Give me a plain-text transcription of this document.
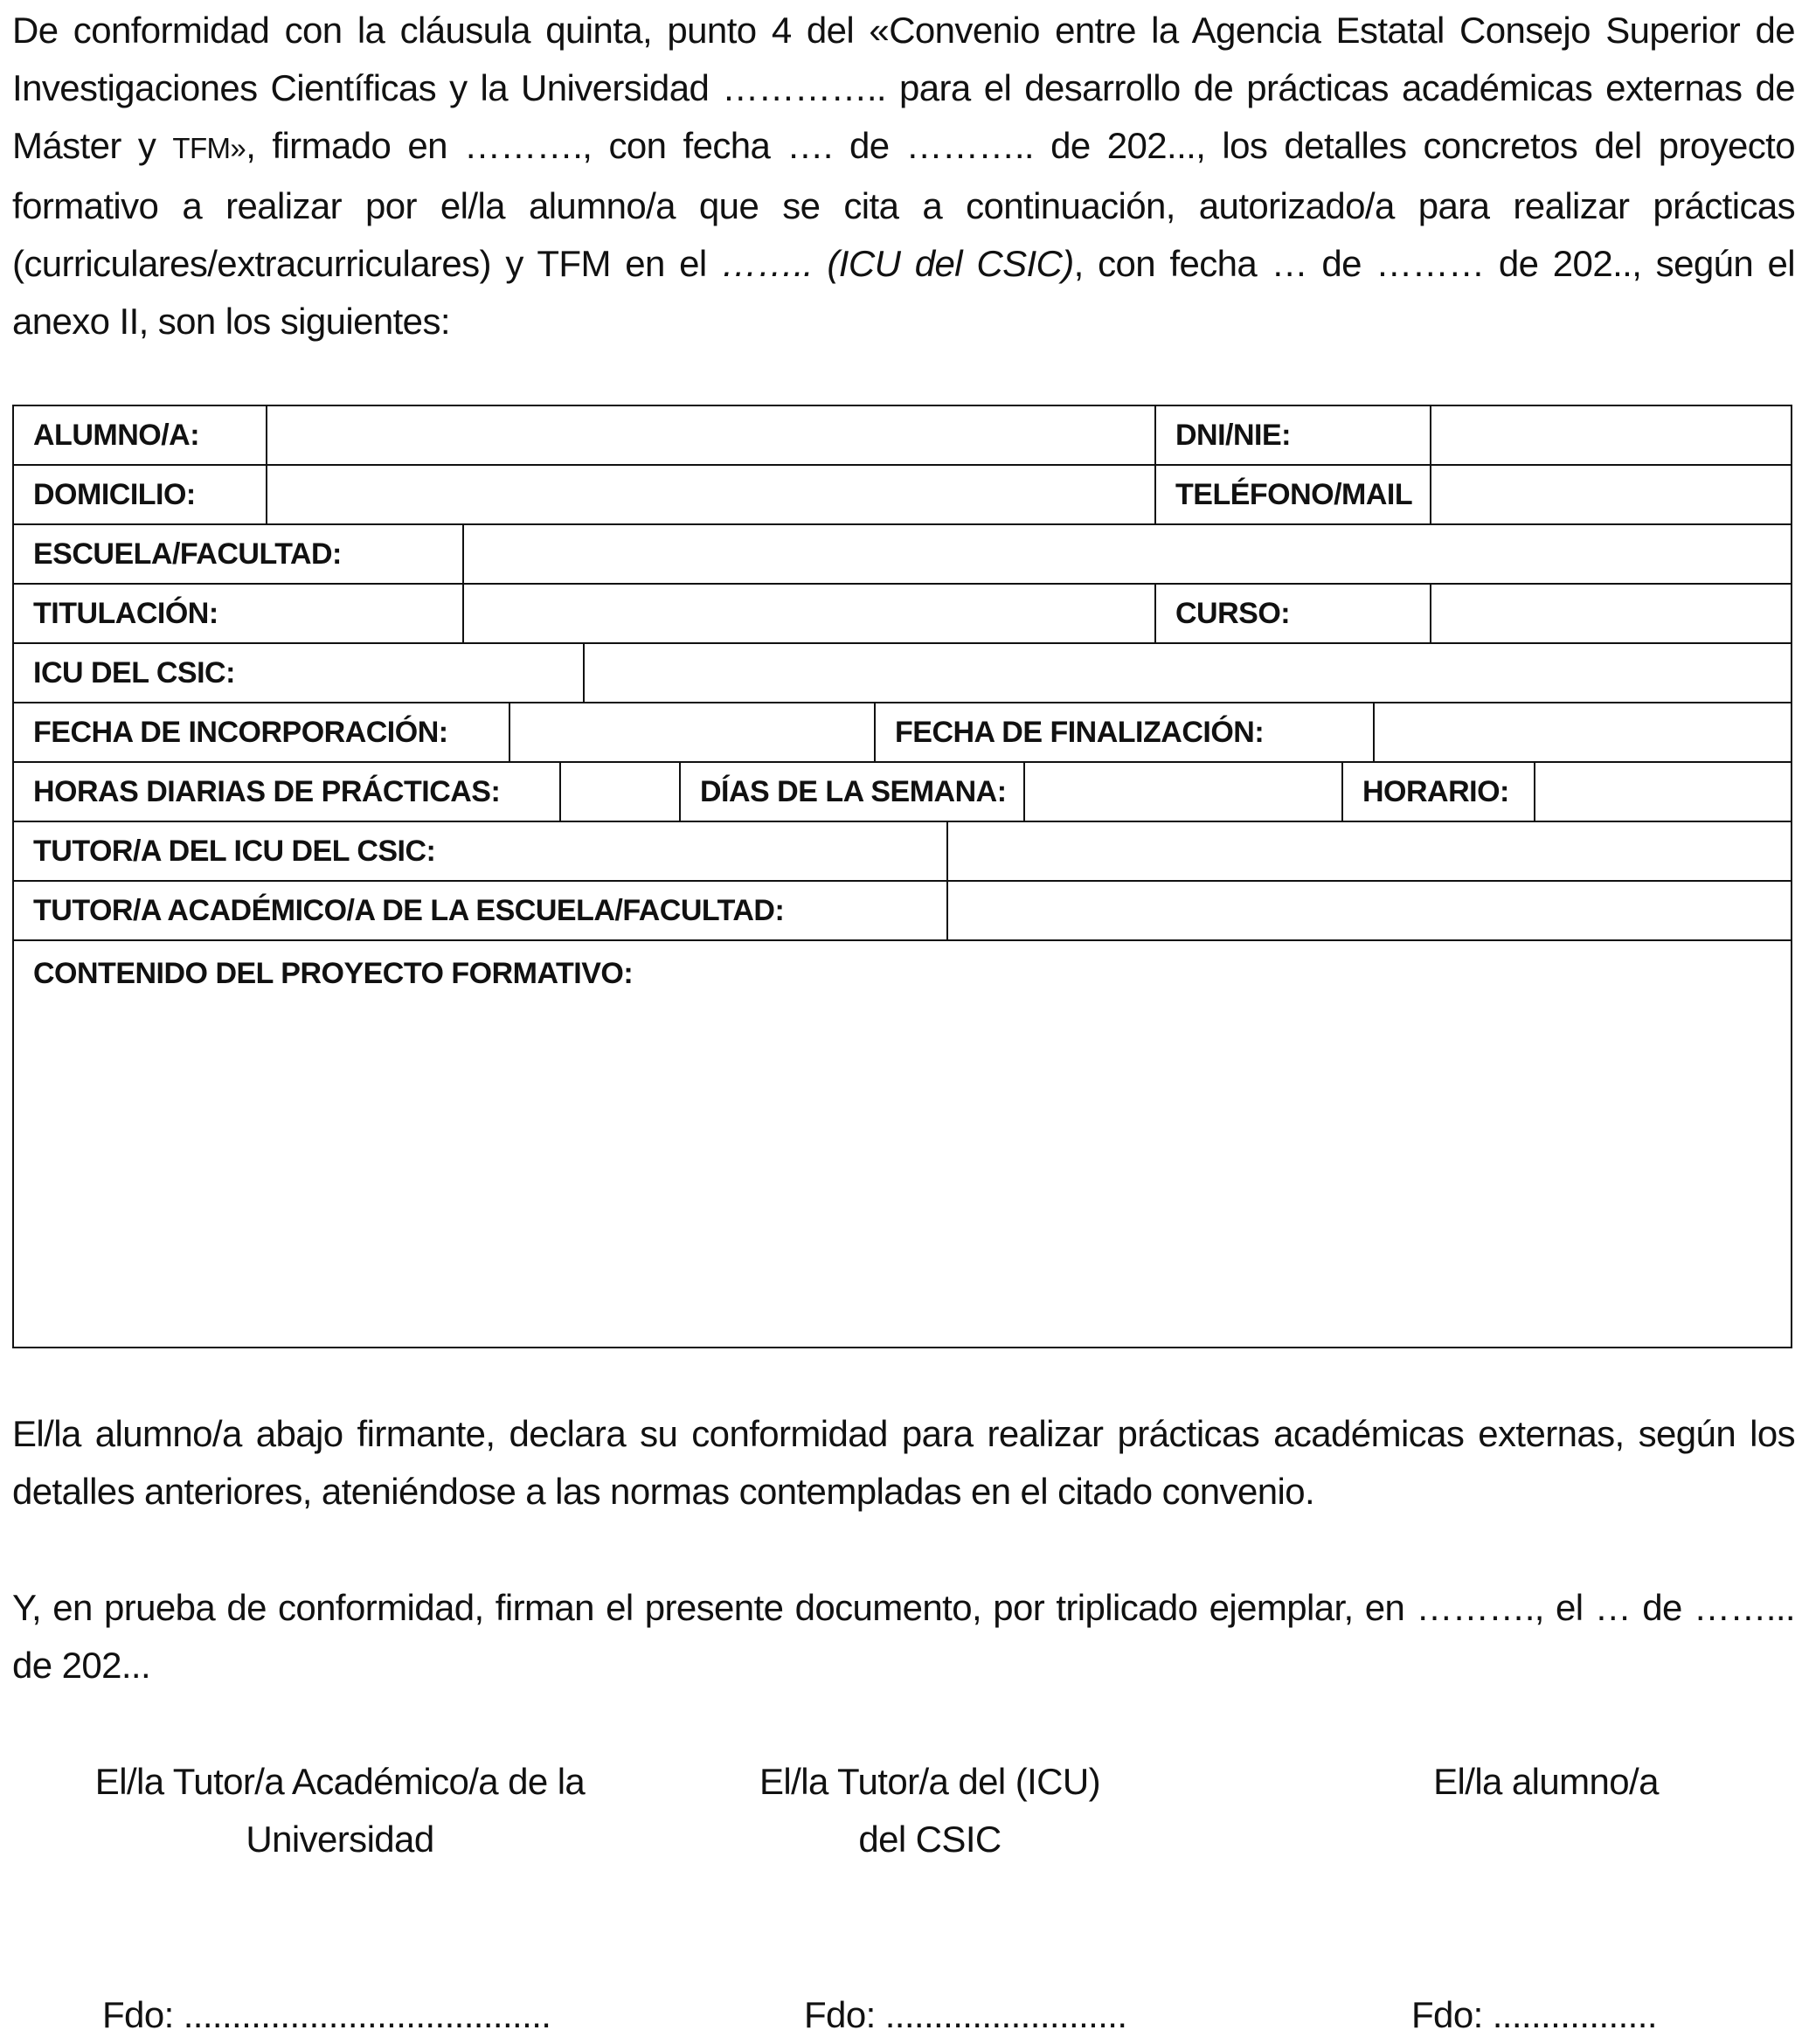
De conformidad con la cláusula quinta, punto 4 del «Convenio entre la Agencia Estatal Consejo Superior de Investigaciones Científicas y la Universidad ………….. para el desarrollo de prácticas académicas externas de Máster y TFM», firmado en ………., con fecha …. de ……….. de 202..., los detalles concretos del proyecto formativo a realizar por el/la alumno/a que se cita a continuación, autorizado/a para realizar prácticas (curriculares/extracurriculares) y TFM en el …….. (ICU del CSIC), con fecha … de ……… de 202.., según el anexo II, son los siguientes:

ALUMNO/A:	DNI/NIE:
DOMICILIO:	TELÉFONO/MAIL
ESCUELA/FACULTAD:
TITULACIÓN:	CURSO:
ICU DEL CSIC:
FECHA DE INCORPORACIÓN:	FECHA DE FINALIZACIÓN:
HORAS DIARIAS DE PRÁCTICAS:	DÍAS DE LA SEMANA:	HORARIO:
TUTOR/A DEL ICU DEL CSIC:
TUTOR/A ACADÉMICO/A DE LA ESCUELA/FACULTAD:
CONTENIDO DEL PROYECTO FORMATIVO:

El/la alumno/a abajo firmante, declara su conformidad para realizar prácticas académicas externas, según los detalles anteriores, ateniéndose a las normas contempladas en el citado convenio.

Y, en prueba de conformidad, firman el presente documento, por triplicado ejemplar, en ………., el … de ……... de 202...

El/la Tutor/a Académico/a de la
Universidad
El/la Tutor/a del (ICU)
del CSIC
El/la alumno/a
Fdo: ......................................	Fdo: .........................	Fdo: .................
